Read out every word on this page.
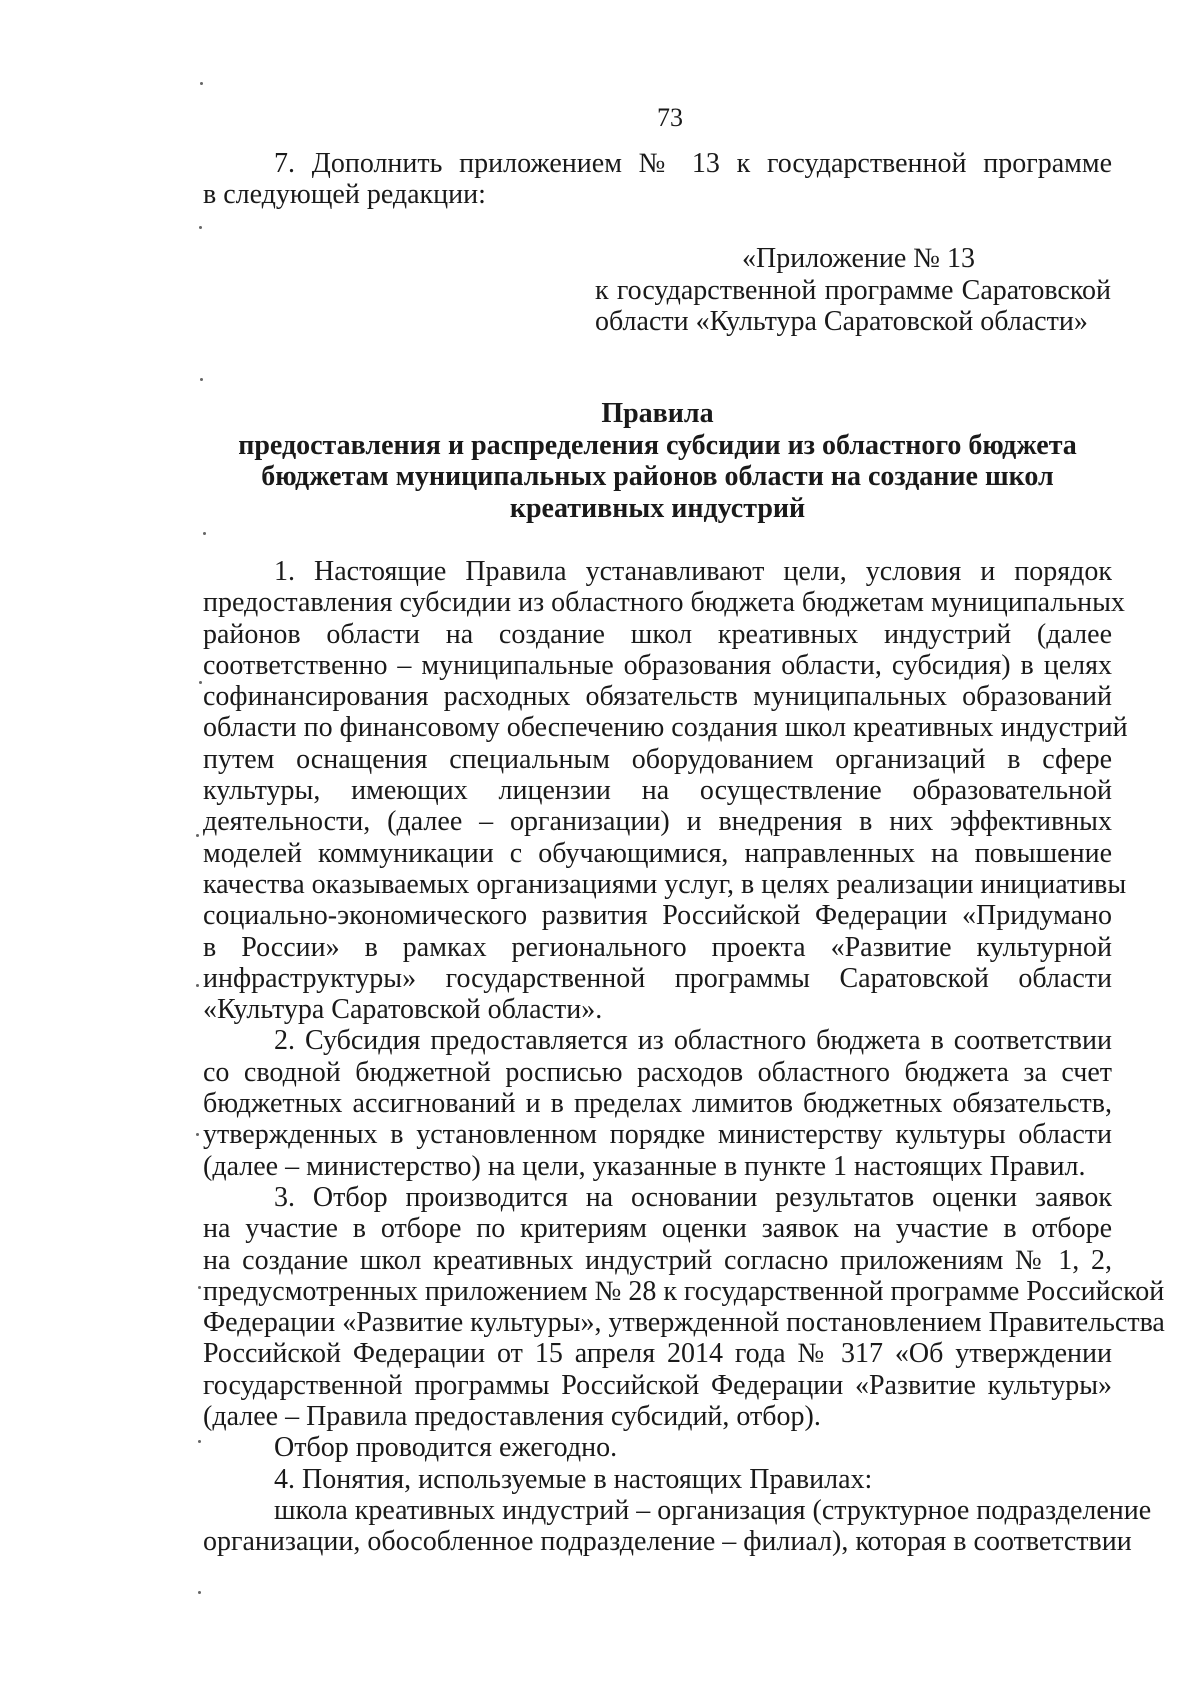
73
7. Дополнить приложением № 13 к государственной программе
в следующей редакции:
«Приложение № 13
к государственной программе Саратовской
области «Культура Саратовской области»
Правила
предоставления и распределения субсидии из областного бюджета
бюджетам муниципальных районов области на создание школ
креативных индустрий
1. Настоящие Правила устанавливают цели, условия и порядок
предоставления субсидии из областного бюджета бюджетам муниципальных
районов области на создание школ креативных индустрий (далее
соответственно – муниципальные образования области, субсидия) в целях
софинансирования расходных обязательств муниципальных образований
области по финансовому обеспечению создания школ креативных индустрий
путем оснащения специальным оборудованием организаций в сфере
культуры, имеющих лицензии на осуществление образовательной
деятельности, (далее – организации) и внедрения в них эффективных
моделей коммуникации с обучающимися, направленных на повышение
качества оказываемых организациями услуг, в целях реализации инициативы
социально-экономического развития Российской Федерации «Придумано
в России» в рамках регионального проекта «Развитие культурной
инфраструктуры» государственной программы Саратовской области
«Культура Саратовской области».
2. Субсидия предоставляется из областного бюджета в соответствии
со сводной бюджетной росписью расходов областного бюджета за счет
бюджетных ассигнований и в пределах лимитов бюджетных обязательств,
утвержденных в установленном порядке министерству культуры области
(далее – министерство) на цели, указанные в пункте 1 настоящих Правил.
3. Отбор производится на основании результатов оценки заявок
на участие в отборе по критериям оценки заявок на участие в отборе
на создание школ креативных индустрий согласно приложениям № 1, 2,
предусмотренных приложением № 28 к государственной программе Российской
Федерации «Развитие культуры», утвержденной постановлением Правительства
Российской Федерации от 15 апреля 2014 года № 317 «Об утверждении
государственной программы Российской Федерации «Развитие культуры»
(далее – Правила предоставления субсидий, отбор).
Отбор проводится ежегодно.
4. Понятия, используемые в настоящих Правилах:
школа креативных индустрий – организация (структурное подразделение
организации, обособленное подразделение – филиал), которая в соответствии
